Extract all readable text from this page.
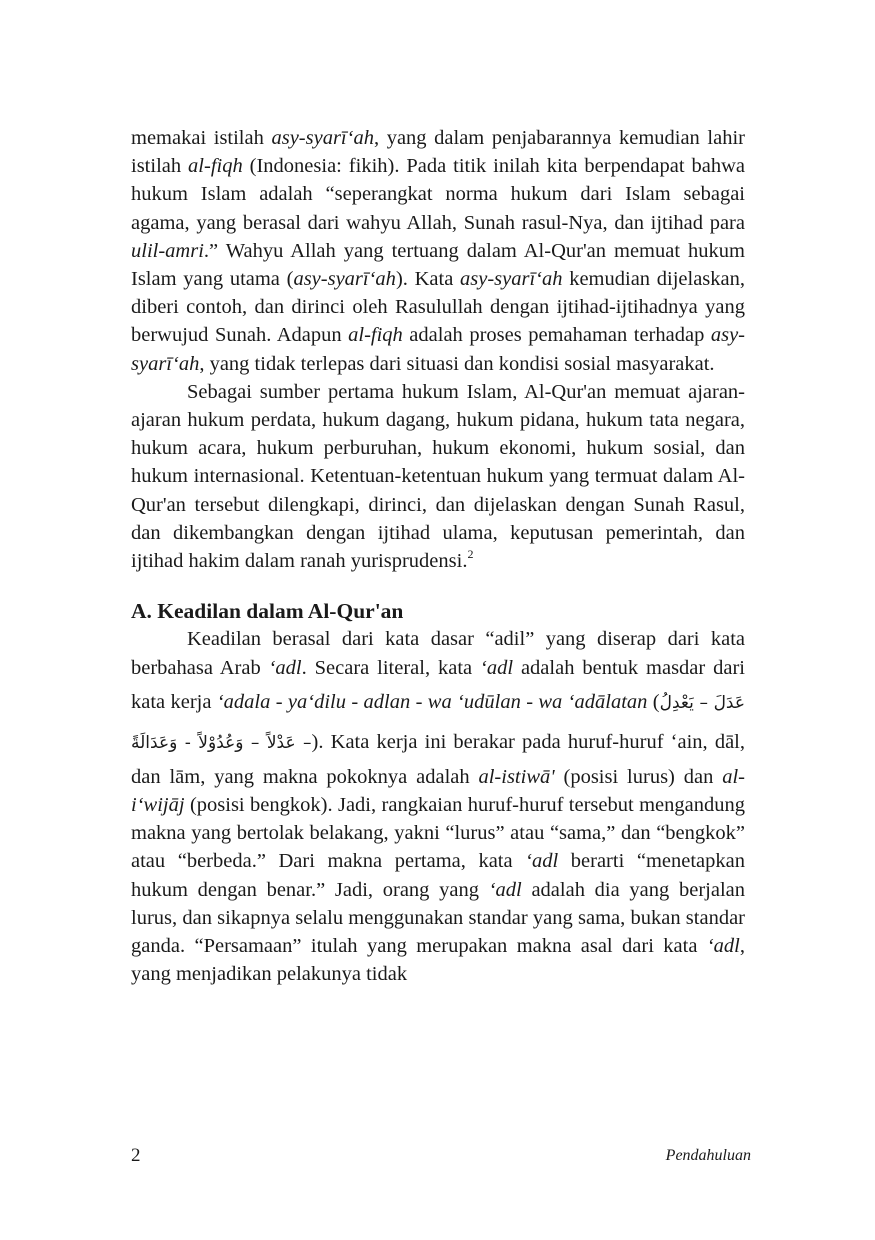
memakai istilah asy-syarī‘ah, yang dalam penjabarannya kemudian lahir istilah al-fiqh (Indonesia: fikih). Pada titik inilah kita berpendapat bahwa hukum Islam adalah “seperangkat norma hukum dari Islam sebagai agama, yang berasal dari wahyu Allah, Sunah rasul-Nya, dan ijtihad para ulil-amri.” Wahyu Allah yang tertuang dalam Al-Qur'an memuat hukum Islam yang utama (asy-syarī‘ah). Kata asy-syarī‘ah kemudian dijelaskan, diberi contoh, dan dirinci oleh Rasulullah dengan ijtihad-ijtihadnya yang berwujud Sunah. Adapun al-fiqh adalah proses pemahaman terhadap asy-syarī‘ah, yang tidak terlepas dari situasi dan kondisi sosial masyarakat.

Sebagai sumber pertama hukum Islam, Al-Qur'an memuat ajaran-ajaran hukum perdata, hukum dagang, hukum pidana, hukum tata negara, hukum acara, hukum perburuhan, hukum ekonomi, hukum sosial, dan hukum internasional. Ketentuan-ketentuan hukum yang termuat dalam Al-Qur'an tersebut dilengkapi, dirinci, dan dijelaskan dengan Sunah Rasul, dan dikembangkan dengan ijtihad ulama, keputusan pemerintah, dan ijtihad hakim dalam ranah yurisprudensi.$^2$

A. Keadilan dalam Al-Qur'an

Keadilan berasal dari kata dasar “adil” yang diserap dari kata berbahasa Arab ‘adl. Secara literal, kata ‘adl adalah bentuk masdar dari kata kerja ‘adala - ya‘dilu - adlan - wa ‘udūlan - wa ‘adālatan (عَدَلَ – يَعْدِلُ – عَدْلاً – وَعُدُوْلاً - وَعَدَالَةً). Kata kerja ini berakar pada huruf-huruf ‘ain, dāl, dan lām, yang makna pokoknya adalah al-istiwā' (posisi lurus) dan al-i‘wijāj (posisi bengkok). Jadi, rangkaian huruf-huruf tersebut mengandung makna yang bertolak belakang, yakni “lurus” atau “sama,” dan “bengkok” atau “berbeda.” Dari makna pertama, kata ‘adl berarti “menetapkan hukum dengan benar.” Jadi, orang yang ‘adl adalah dia yang berjalan lurus, dan sikapnya selalu menggunakan standar yang sama, bukan standar ganda. “Persamaan” itulah yang merupakan makna asal dari kata ‘adl, yang menjadikan pelakunya tidak

2	Pendahuluan
